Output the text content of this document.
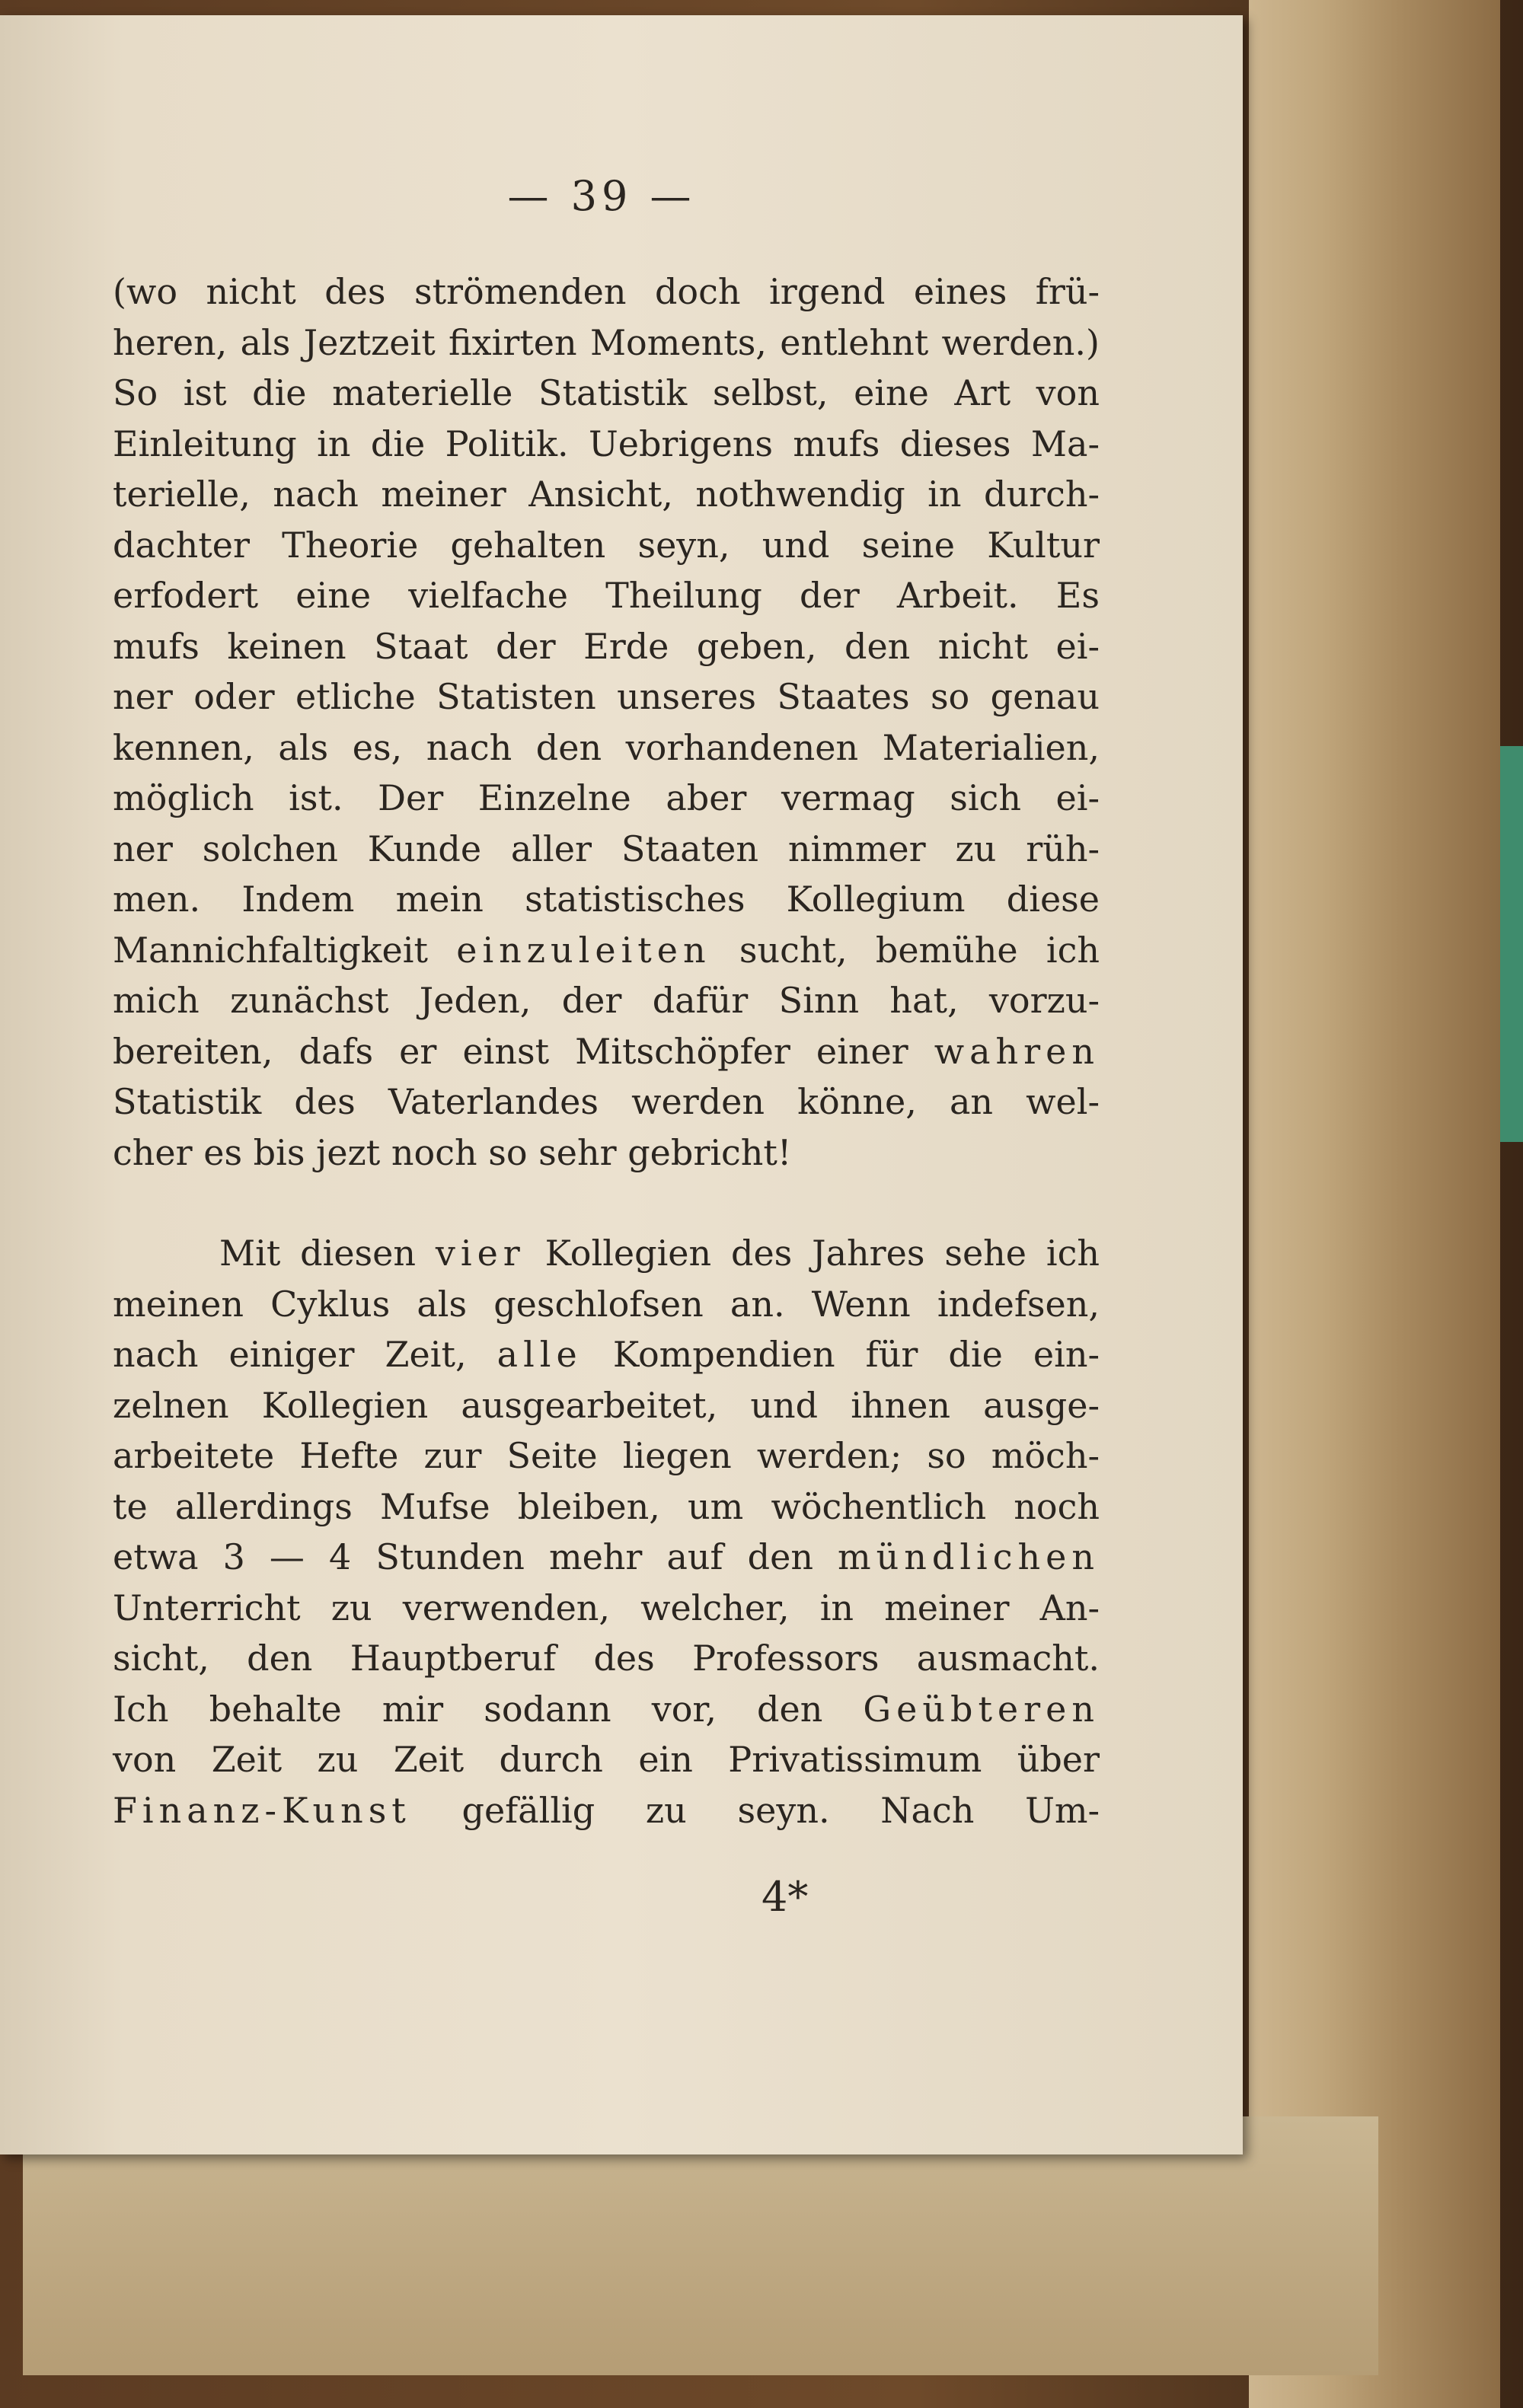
— 39 —
(wo nicht des strömenden doch irgend eines frü-
heren, als Jeztzeit fixirten Moments, entlehnt werden.)
So ist die materielle Statistik selbst, eine Art von
Einleitung in die Politik. Uebrigens mufs dieses Ma-
terielle, nach meiner Ansicht, nothwendig in durch-
dachter Theorie gehalten seyn, und seine Kultur
erfodert eine vielfache Theilung der Arbeit. Es
mufs keinen Staat der Erde geben, den nicht ei-
ner oder etliche Statisten unseres Staates so genau
kennen, als es, nach den vorhandenen Materialien,
möglich ist. Der Einzelne aber vermag sich ei-
ner solchen Kunde aller Staaten nimmer zu rüh-
men. Indem mein statistisches Kollegium diese
Mannichfaltigkeit einzuleiten sucht, bemühe ich
mich zunächst Jeden, der dafür Sinn hat, vorzu-
bereiten, dafs er einst Mitschöpfer einer wahren
Statistik des Vaterlandes werden könne, an wel-
cher es bis jezt noch so sehr gebricht!
Mit diesen vier Kollegien des Jahres sehe ich
meinen Cyklus als geschlofsen an. Wenn indefsen,
nach einiger Zeit, alle Kompendien für die ein-
zelnen Kollegien ausgearbeitet, und ihnen ausge-
arbeitete Hefte zur Seite liegen werden; so möch-
te allerdings Mufse bleiben, um wöchentlich noch
etwa 3 — 4 Stunden mehr auf den mündlichen
Unterricht zu verwenden, welcher, in meiner An-
sicht, den Hauptberuf des Professors ausmacht.
Ich behalte mir sodann vor, den Geübteren
von Zeit zu Zeit durch ein Privatissimum über
Finanz-Kunst gefällig zu seyn. Nach Um-
4*
